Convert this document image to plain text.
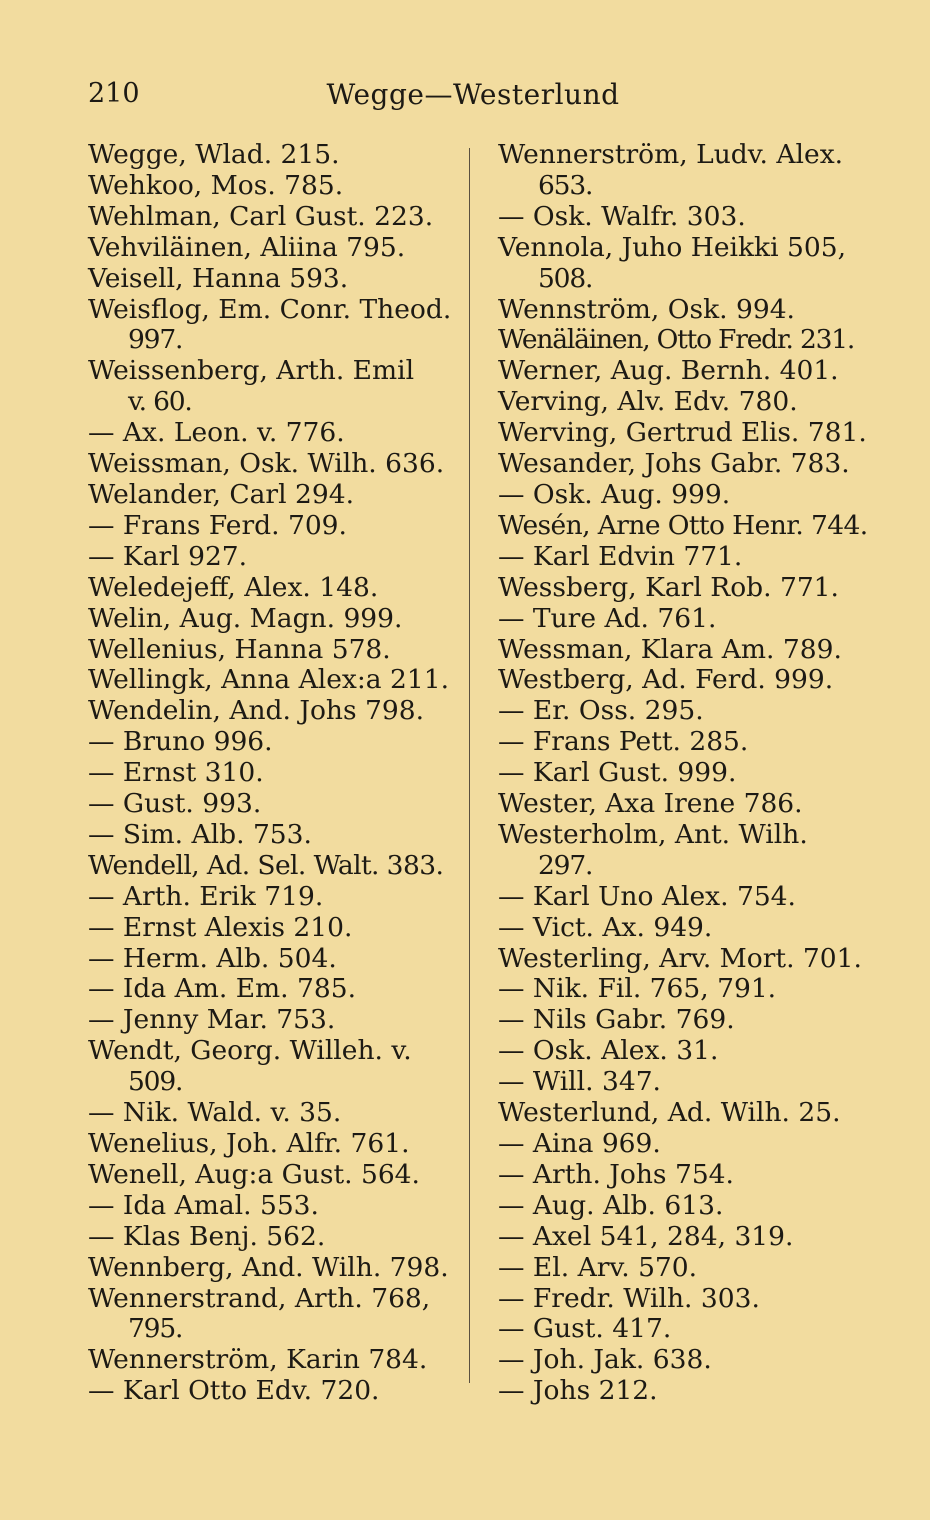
210	Wegge—Westerlund
Wegge, Wlad. 215.
Wehkoo, Mos. 785.
Wehlman, Carl Gust. 223.
Vehviläinen, Aliina 795.
Veisell, Hanna 593.
Weisflog, Em. Conr. Theod.
997.
Weissenberg, Arth. Emil
v. 60.
— Ax. Leon. v. 776.
Weissman, Osk. Wilh. 636.
Welander, Carl 294.
— Frans Ferd. 709.
— Karl 927.
Weledejeff, Alex. 148.
Welin, Aug. Magn. 999.
Wellenius, Hanna 578.
Wellingk, Anna Alex:a 211.
Wendelin, And. Johs 798.
— Bruno 996.
— Ernst 310.
— Gust. 993.
— Sim. Alb. 753.
Wendell, Ad. Sel. Walt. 383.
— Arth. Erik 719.
— Ernst Alexis 210.
— Herm. Alb. 504.
— Ida Am. Em. 785.
— Jenny Mar. 753.
Wendt, Georg. Willeh. v.
509.
— Nik. Wald. v. 35.
Wenelius, Joh. Alfr. 761.
Wenell, Aug:a Gust. 564.
— Ida Amal. 553.
— Klas Benj. 562.
Wennberg, And. Wilh. 798.
Wennerstrand, Arth. 768,
795.
Wennerström, Karin 784.
— Karl Otto Edv. 720.
Wennerström, Ludv. Alex.
653.
— Osk. Walfr. 303.
Vennola, Juho Heikki 505,
508.
Wennström, Osk. 994.
Wenäläinen, Otto Fredr. 231.
Werner, Aug. Bernh. 401.
Verving, Alv. Edv. 780.
Werving, Gertrud Elis. 781.
Wesander, Johs Gabr. 783.
— Osk. Aug. 999.
Wesén, Arne Otto Henr. 744.
— Karl Edvin 771.
Wessberg, Karl Rob. 771.
— Ture Ad. 761.
Wessman, Klara Am. 789.
Westberg, Ad. Ferd. 999.
— Er. Oss. 295.
— Frans Pett. 285.
— Karl Gust. 999.
Wester, Axa Irene 786.
Westerholm, Ant. Wilh.
297.
— Karl Uno Alex. 754.
— Vict. Ax. 949.
Westerling, Arv. Mort. 701.
— Nik. Fil. 765, 791.
— Nils Gabr. 769.
— Osk. Alex. 31.
— Will. 347.
Westerlund, Ad. Wilh. 25.
— Aina 969.
— Arth. Johs 754.
— Aug. Alb. 613.
— Axel 541, 284, 319.
— El. Arv. 570.
— Fredr. Wilh. 303.
— Gust. 417.
— Joh. Jak. 638.
— Johs 212.
